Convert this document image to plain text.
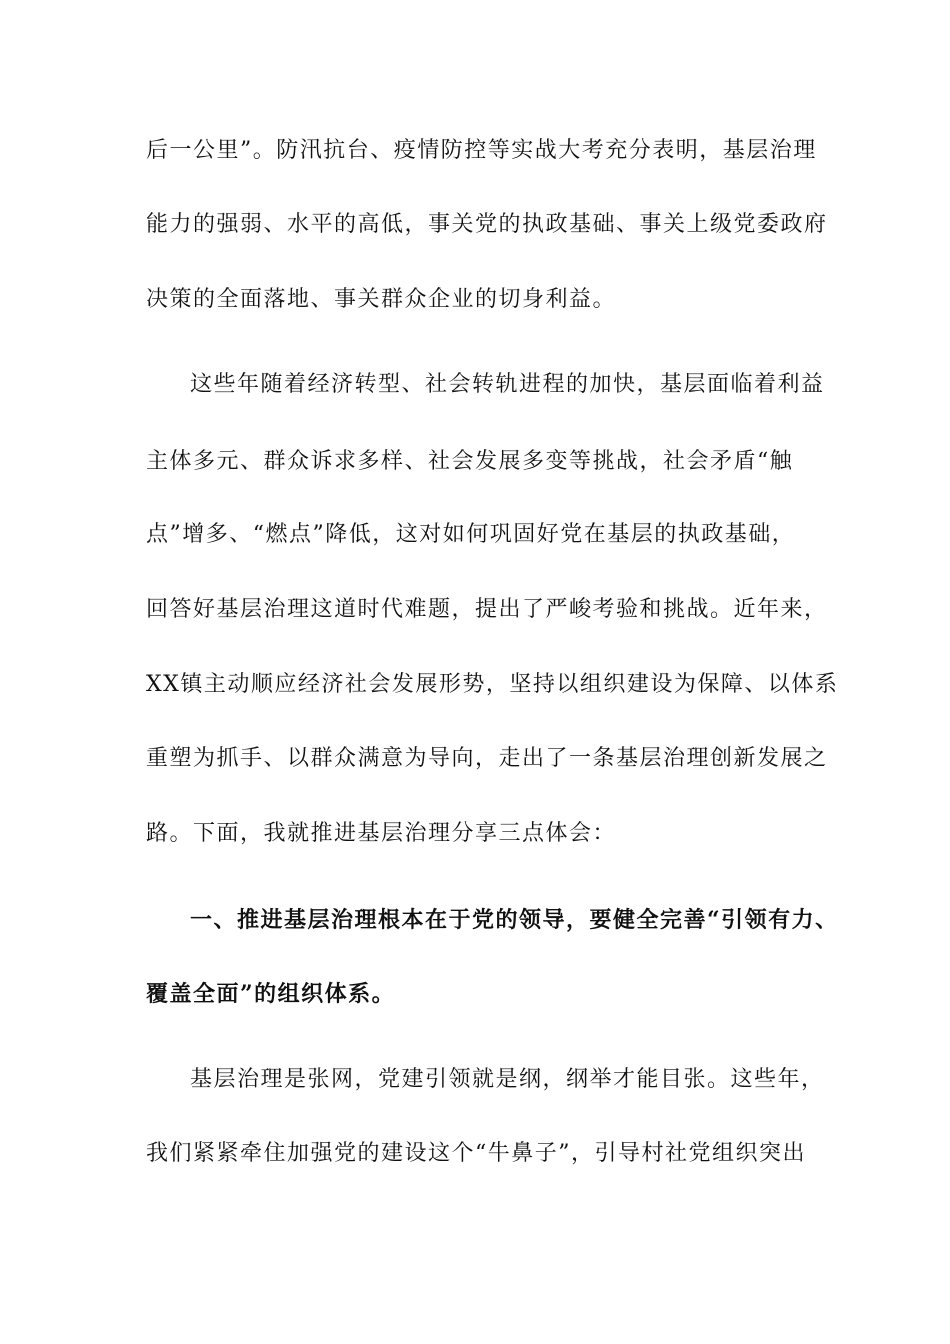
后一公里”。防汛抗台、疫情防控等实战大考充分表明，基层治理
能力的强弱、水平的高低，事关党的执政基础、事关上级党委政府
决策的全面落地、事关群众企业的切身利益。
这些年随着经济转型、社会转轨进程的加快，基层面临着利益
主体多元、群众诉求多样、社会发展多变等挑战，社会矛盾“触
点”增多、“燃点”降低，这对如何巩固好党在基层的执政基础，
回答好基层治理这道时代难题，提出了严峻考验和挑战。近年来，
XX镇主动顺应经济社会发展形势，坚持以组织建设为保障、以体系
重塑为抓手、以群众满意为导向，走出了一条基层治理创新发展之
路。下面，我就推进基层治理分享三点体会：
一、推进基层治理根本在于党的领导，要健全完善“引领有力、
覆盖全面”的组织体系。
基层治理是张网，党建引领就是纲，纲举才能目张。这些年，
我们紧紧牵住加强党的建设这个“牛鼻子”，引导村社党组织突出
